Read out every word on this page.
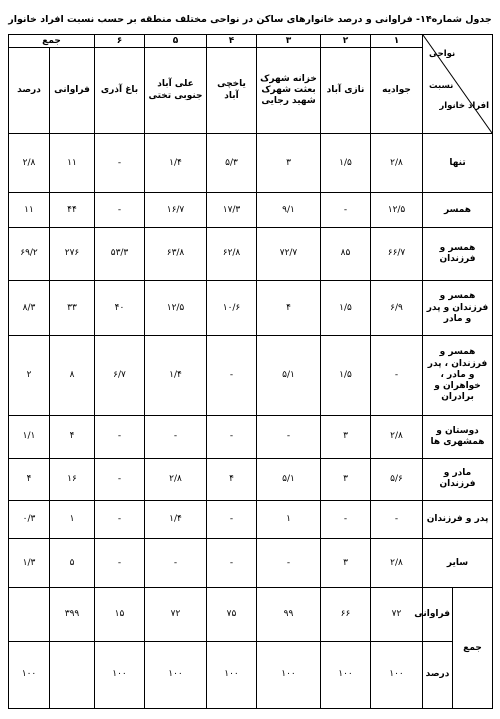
جدول شماره۱۴- فراوانی و درصد خانوارهای ساکن در نواحی مختلف منطقه بر حسب نسبت افراد خانوار
نواحی
نسبت
افراد خانوار		۱	۲	۳	۴	۵	۶	جمع	
		جوادیه	نازی آباد	خزانه شهرک بعثت شهرک شهید رجایی	یاخچی آباد	علی آباد جنوبی تختی	باغ آذری	فراوانی	درصد
تنها		۲/۸	۱/۵	۳	۵/۳	۱/۴	-	۱۱	۲/۸
همسر		۱۲/۵	-	۹/۱	۱۷/۳	۱۶/۷	-	۴۴	۱۱
همسر و فرزندان		۶۶/۷	۸۵	۷۲/۷	۶۲/۸	۶۳/۸	۵۳/۳	۲۷۶	۶۹/۲
همسر و فرزندان و پدر و مادر		۶/۹	۱/۵	۴	۱۰/۶	۱۲/۵	۴۰	۳۳	۸/۳
همسر و فرزندان ، پدر و مادر ، خواهران و برادران		-	۱/۵	۵/۱	-	۱/۴	۶/۷	۸	۲
دوستان و همشهری ها		۲/۸	۳	-	-	-	-	۴	۱/۱
مادر و فرزندان		۵/۶	۳	۵/۱	۴	۲/۸	-	۱۶	۴
پدر و فرزندان		-	-	۱	-	۱/۴	-	۱	۰/۳
سایر		۲/۸	۳	-	-	-	-	۵	۱/۳
جمع	فراوانی	۷۲	۶۶	۹۹	۷۵	۷۲	۱۵	۳۹۹	
	درصد	۱۰۰	۱۰۰	۱۰۰	۱۰۰	۱۰۰	۱۰۰		۱۰۰
